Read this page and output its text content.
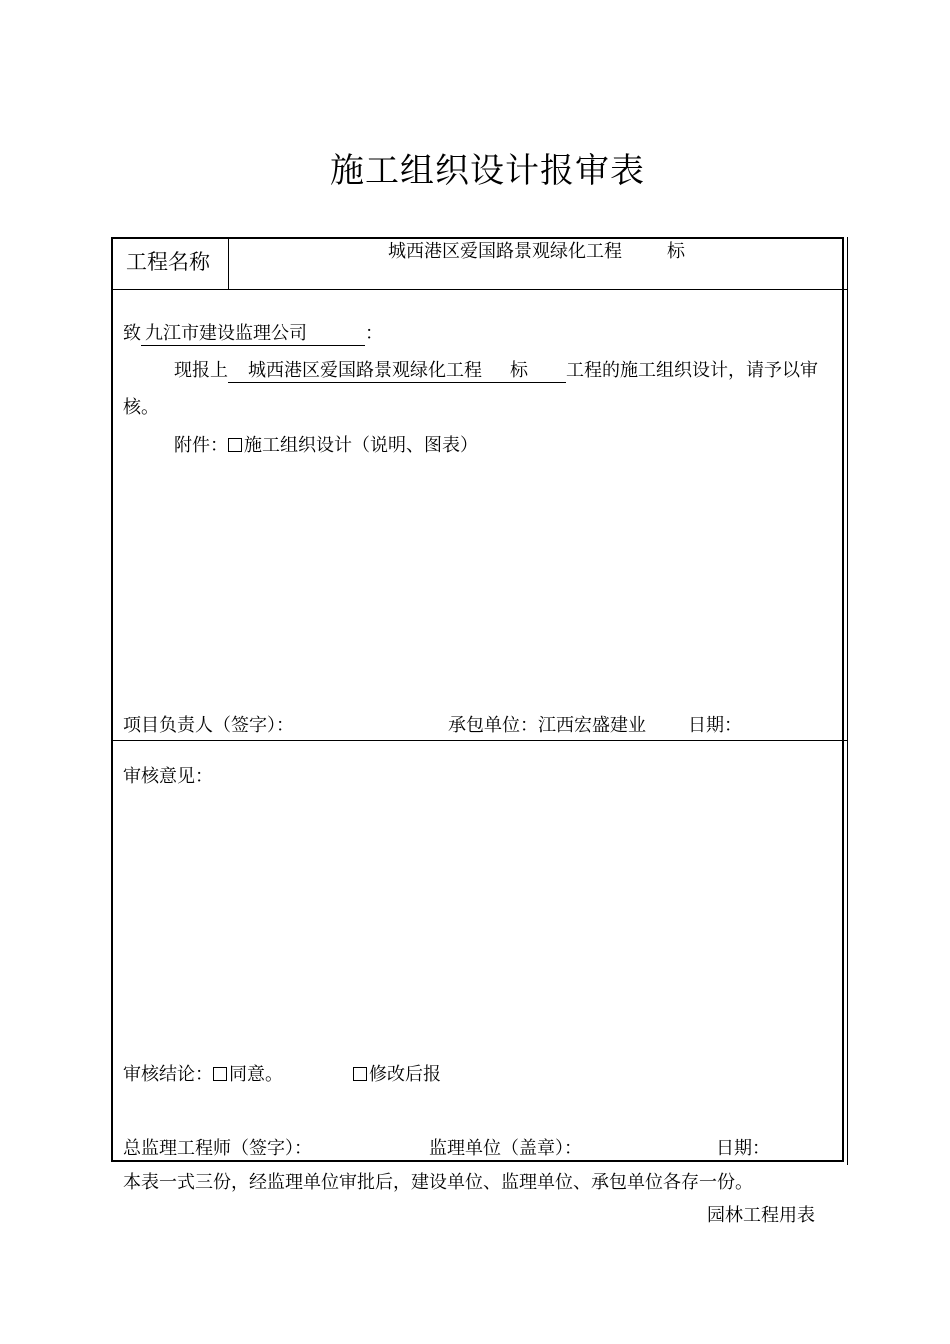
施工组织设计报审表
工程名称	城西港区爱国路景观绿化工程	标
致 九江市建设监理公司	：
现报上 城西港区爱国路景观绿化工程 标 工程的施工组织设计，请予以审
核。
附件： 施工组织设计（说明、图表）
项目负责人（签字）：	承包单位：江西宏盛建业 日期：
审核意见：
审核结论： 同意。	修改后报
总监理工程师（签字）：	监理单位（盖章）：	日期：
本表一式三份，经监理单位审批后，建设单位、监理单位、承包单位各存一份。
园林工程用表
